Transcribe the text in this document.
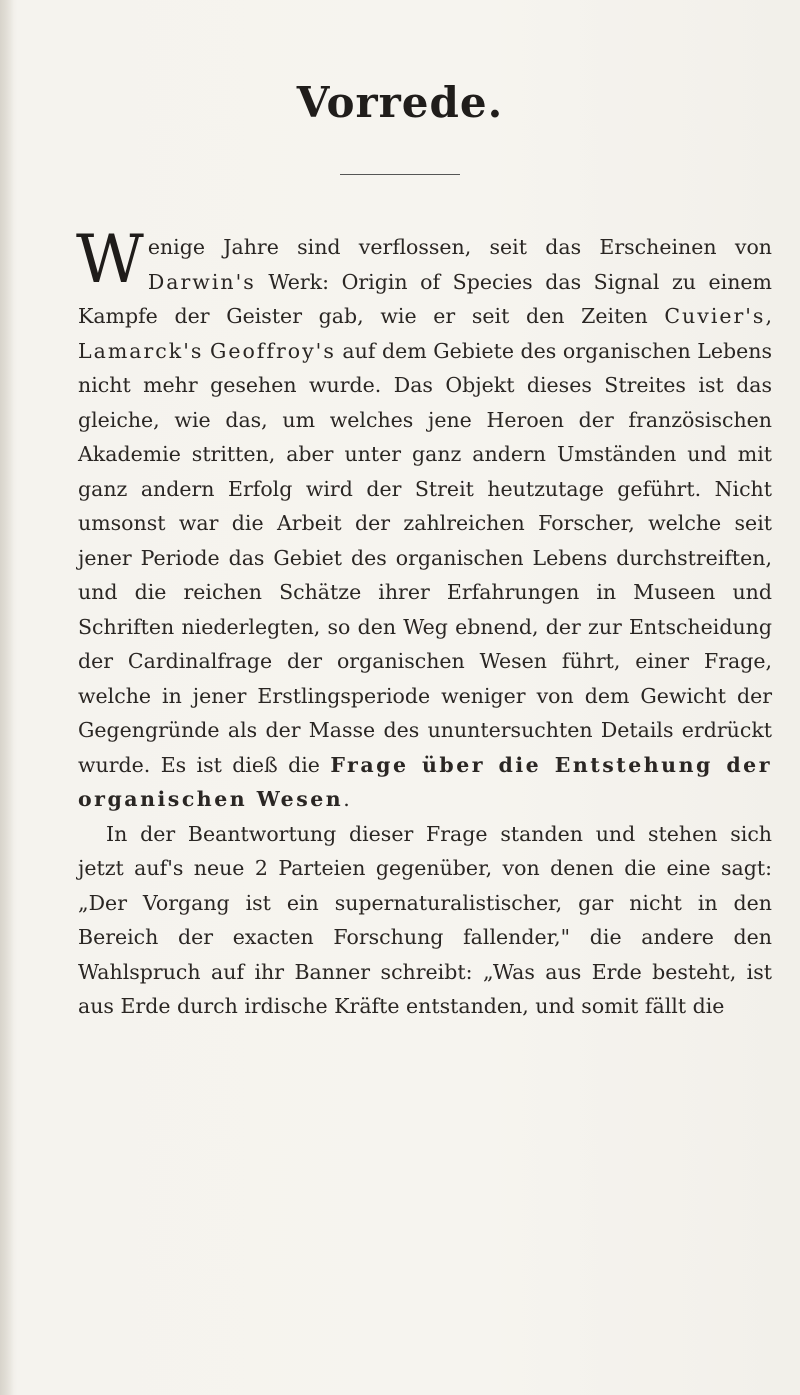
Vorrede.

Wenige Jahre sind verflossen, seit das Erscheinen von Darwin's Werk: Origin of Species das Signal zu einem Kampfe der Geister gab, wie er seit den Zeiten Cuvier's, Lamarck's Geoffroy's auf dem Gebiete des organischen Lebens nicht mehr gesehen wurde. Das Objekt dieses Streites ist das gleiche, wie das, um welches jene Heroen der französischen Akademie stritten, aber unter ganz andern Umständen und mit ganz andern Erfolg wird der Streit heutzutage geführt. Nicht umsonst war die Arbeit der zahlreichen Forscher, welche seit jener Periode das Gebiet des organischen Lebens durchstreiften, und die reichen Schätze ihrer Erfahrungen in Museen und Schriften niederlegten, so den Weg ebnend, der zur Entscheidung der Cardinalfrage der organischen Wesen führt, einer Frage, welche in jener Erstlingsperiode weniger von dem Gewicht der Gegengründe als der Masse des ununtersuchten Details erdrückt wurde. Es ist dieß die Frage über die Entstehung der organischen Wesen.

In der Beantwortung dieser Frage standen und stehen sich jetzt auf's neue 2 Parteien gegenüber, von denen die eine sagt: „Der Vorgang ist ein supernaturalistischer, gar nicht in den Bereich der exacten Forschung fallender," die andere den Wahlspruch auf ihr Banner schreibt: „Was aus Erde besteht, ist aus Erde durch irdische Kräfte entstanden, und somit fällt die
